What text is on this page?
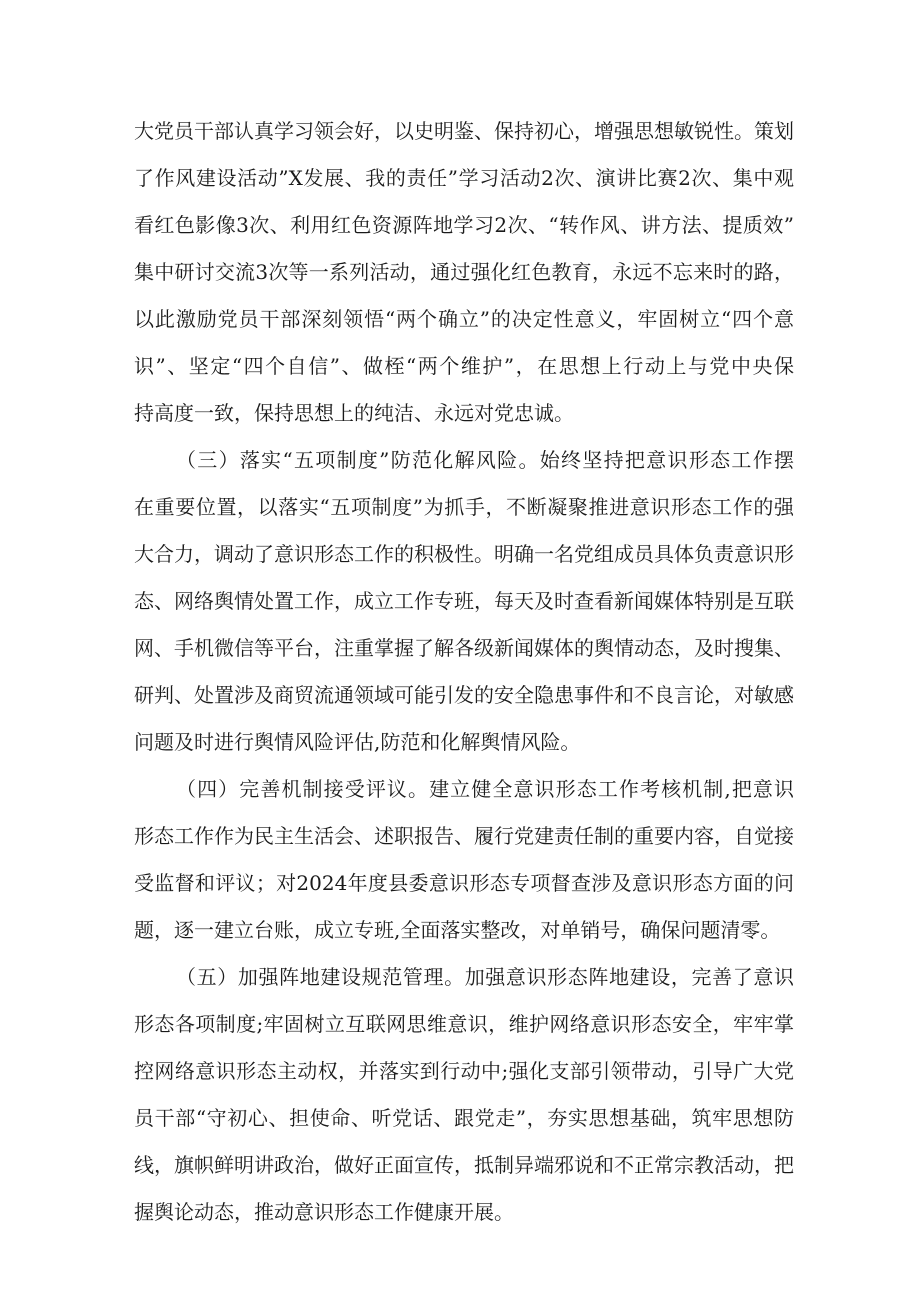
大党员干部认真学习领会好，以史明鉴、保持初心，增强思想敏锐性。策划

了作风建设活动”X发展、我的责任”学习活动2次、演讲比赛2次、集中观

看红色影像3次、利用红色资源阵地学习2次、“转作风、讲方法、提质效”

集中研讨交流3次等一系列活动，通过强化红色教育，永远不忘来时的路，

以此激励党员干部深刻领悟“两个确立”的决定性意义，牢固树立“四个意

识”、坚定“四个自信”、做桎“两个维护”，在思想上行动上与党中央保

持高度一致，保持思想上的纯洁、永远对党忠诚。

（三）落实“五项制度”防范化解风险。始终坚持把意识形态工作摆

在重要位置，以落实“五项制度”为抓手，不断凝聚推进意识形态工作的强

大合力，调动了意识形态工作的积极性。明确一名党组成员具体负责意识形

态、网络舆情处置工作，成立工作专班，每天及时查看新闻媒体特别是互联

网、手机微信等平台，注重掌握了解各级新闻媒体的舆情动态，及时搜集、

研判、处置涉及商贸流通领域可能引发的安全隐患事件和不良言论，对敏感

问题及时进行舆情风险评估,防范和化解舆情风险。

（四）完善机制接受评议。建立健全意识形态工作考核机制,把意识

形态工作作为民主生活会、述职报告、履行党建责任制的重要内容，自觉接

受监督和评议；对2024年度县委意识形态专项督查涉及意识形态方面的问

题，逐一建立台账，成立专班,全面落实整改，对单销号，确保问题清零。

（五）加强阵地建设规范管理。加强意识形态阵地建设，完善了意识

形态各项制度;牢固树立互联网思维意识，维护网络意识形态安全，牢牢掌

控网络意识形态主动权，并落实到行动中;强化支部引领带动，引导广大党

员干部“守初心、担使命、听党话、跟党走”，夯实思想基础，筑牢思想防

线，旗帜鲜明讲政治，做好正面宣传，抵制异端邪说和不正常宗教活动，把

握舆论动态，推动意识形态工作健康开展。
